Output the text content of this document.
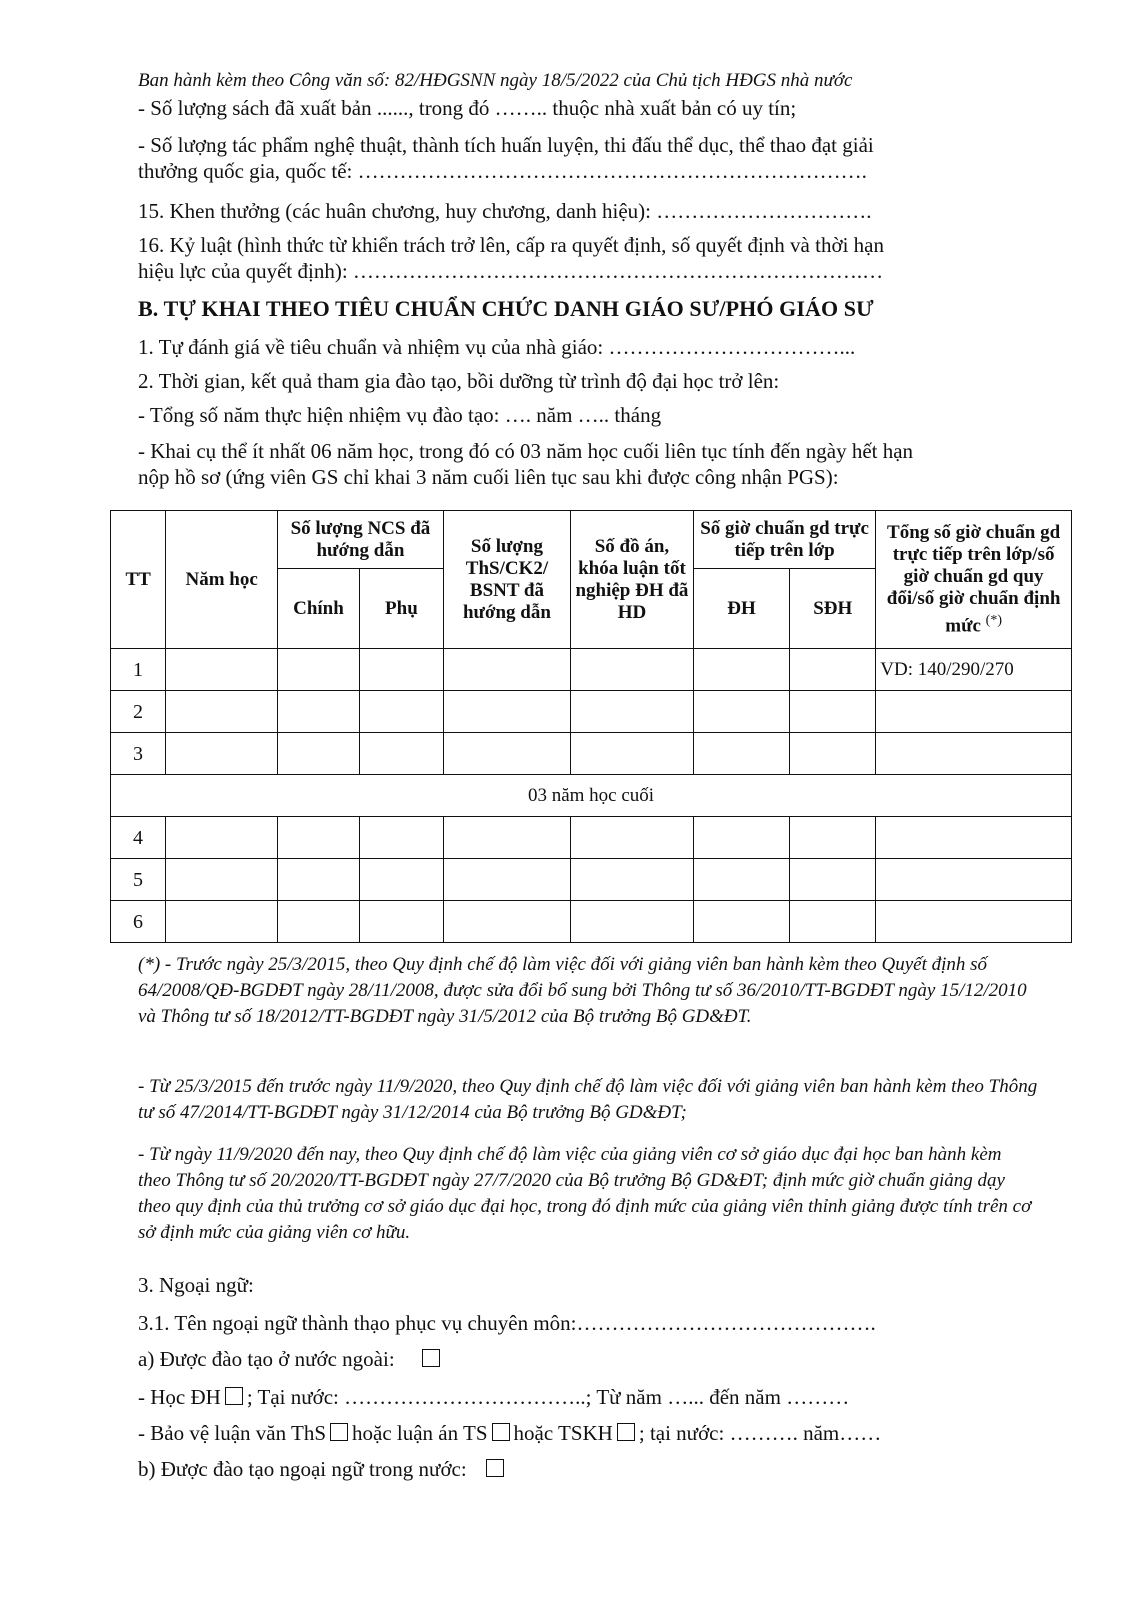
Ban hành kèm theo Công văn số: 82/HĐGSNN ngày 18/5/2022 của Chủ tịch HĐGS nhà nước
- Số lượng sách đã xuất bản ......, trong đó …….. thuộc nhà xuất bản có uy tín;
- Số lượng tác phẩm nghệ thuật, thành tích huấn luyện, thi đấu thể dục, thể thao đạt giải
thưởng quốc gia, quốc tế: ……………………………………………………………….
15. Khen thưởng (các huân chương, huy chương, danh hiệu): ………………………….
16. Kỷ luật (hình thức từ khiển trách trở lên, cấp ra quyết định, số quyết định và thời hạn
hiệu lực của quyết định): ……………………………………………………………….…
B. TỰ KHAI THEO TIÊU CHUẨN CHỨC DANH GIÁO SƯ/PHÓ GIÁO SƯ
1. Tự đánh giá về tiêu chuẩn và nhiệm vụ của nhà giáo: ……………………………...
2. Thời gian, kết quả tham gia đào tạo, bồi dưỡng từ trình độ đại học trở lên:
- Tổng số năm thực hiện nhiệm vụ đào tạo: …. năm ….. tháng
- Khai cụ thể ít nhất 06 năm học, trong đó có 03 năm học cuối liên tục tính đến ngày hết hạn
nộp hồ sơ (ứng viên GS chỉ khai 3 năm cuối liên tục sau khi được công nhận PGS):
TT	Năm học	Số lượng NCS đã hướng dẫn		Số lượng ThS/CK2/ BSNT đã hướng dẫn	Số đồ án, khóa luận tốt nghiệp ĐH đã HD	Số giờ chuẩn gd trực tiếp trên lớp		Tổng số giờ chuẩn gd trực tiếp trên lớp/số giờ chuẩn gd quy đổi/số giờ chuẩn định mức (*)
		Chính	Phụ			ĐH	SĐH	
1								VD: 140/290/270
2								
3								
03 năm học cuối								
4								
5								
6								
(*) - Trước ngày 25/3/2015, theo Quy định chế độ làm việc đối với giảng viên ban hành kèm theo Quyết định số 64/2008/QĐ-BGDĐT ngày 28/11/2008, được sửa đổi bổ sung bởi Thông tư số 36/2010/TT-BGDĐT ngày 15/12/2010 và Thông tư số 18/2012/TT-BGDĐT ngày 31/5/2012 của Bộ trưởng Bộ GD&ĐT.
- Từ 25/3/2015 đến trước ngày 11/9/2020, theo Quy định chế độ làm việc đối với giảng viên ban hành kèm theo Thông tư số 47/2014/TT-BGDĐT ngày 31/12/2014 của Bộ trưởng Bộ GD&ĐT;
- Từ ngày 11/9/2020 đến nay, theo Quy định chế độ làm việc của giảng viên cơ sở giáo dục đại học ban hành kèm theo Thông tư số 20/2020/TT-BGDĐT ngày 27/7/2020 của Bộ trưởng Bộ GD&ĐT; định mức giờ chuẩn giảng dạy theo quy định của thủ trưởng cơ sở giáo dục đại học, trong đó định mức của giảng viên thỉnh giảng được tính trên cơ sở định mức của giảng viên cơ hữu.
3. Ngoại ngữ:
3.1. Tên ngoại ngữ thành thạo phục vụ chuyên môn:…………………………………….
a) Được đào tạo ở nước ngoài:
- Học ĐH ; Tại nước: ……………………………..; Từ năm …... đến năm ………
- Bảo vệ luận văn ThS hoặc luận án TS hoặc TSKH ; tại nước: ………. năm……
b) Được đào tạo ngoại ngữ trong nước:
